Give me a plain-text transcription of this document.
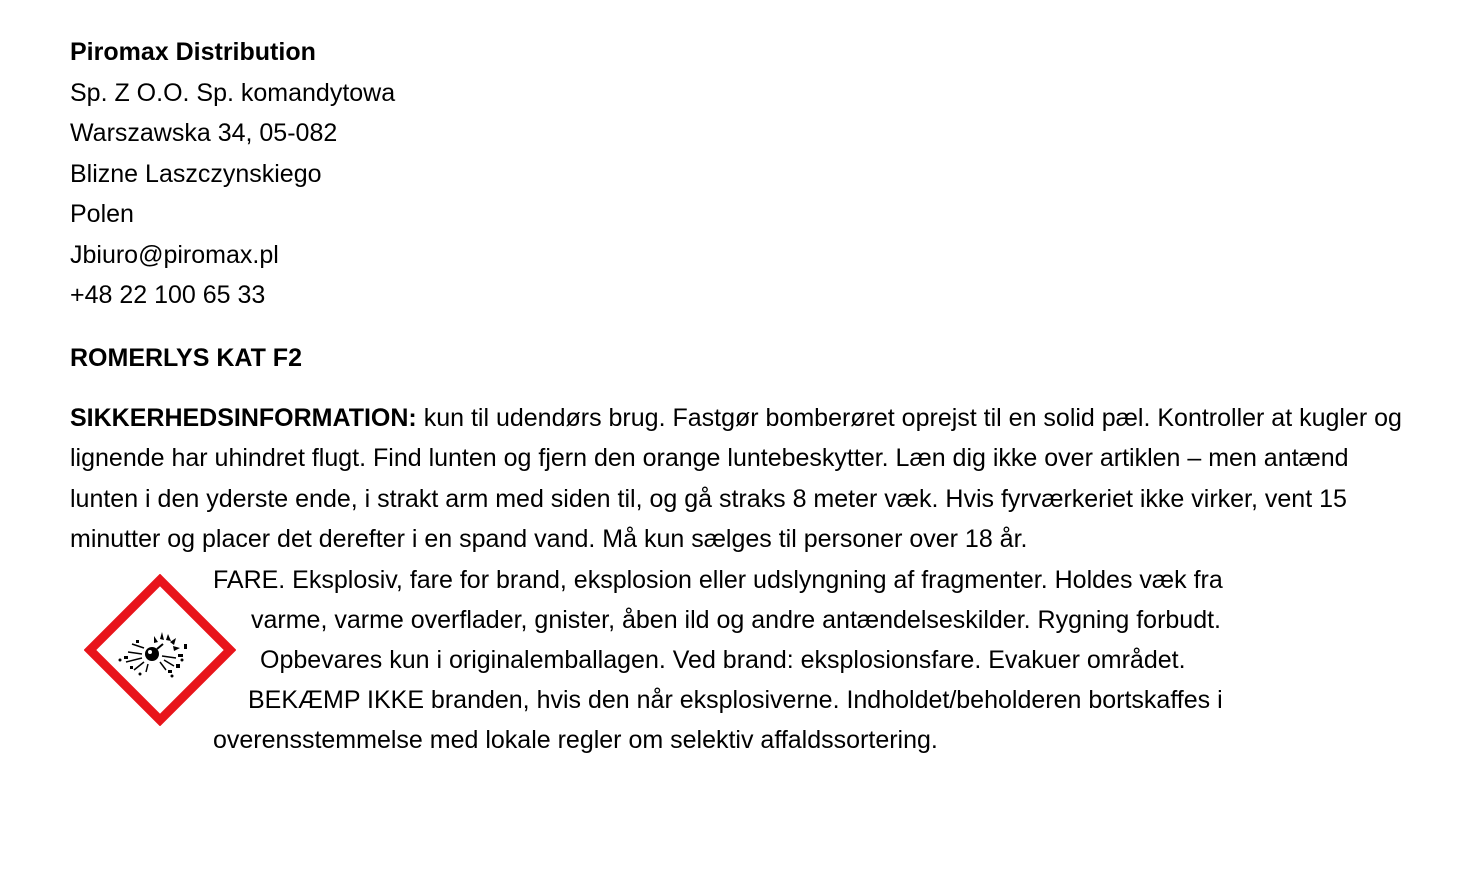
Piromax Distribution
Sp. Z O.O. Sp. komandytowa
Warszawska 34, 05-082
Blizne Laszczynskiego
Polen
Jbiuro@piromax.pl
+48 22 100 65 33
ROMERLYS KAT F2
SIKKERHEDSINFORMATION: kun til udendørs brug. Fastgør bomberøret oprejst til en solid pæl. Kontroller at kugler og lignende har uhindret flugt. Find lunten og fjern den orange luntebeskytter. Læn dig ikke over artiklen – men antænd lunten i den yderste ende, i strakt arm med siden til, og gå straks 8 meter væk. Hvis fyrværkeriet ikke virker, vent 15 minutter og placer det derefter i en spand vand. Må kun sælges til personer over 18 år.
FARE. Eksplosiv, fare for brand, eksplosion eller udslyngning af fragmenter. Holdes væk fra
varme, varme overflader, gnister, åben ild og andre antændelseskilder. Rygning forbudt.
Opbevares kun i originalemballagen. Ved brand: eksplosionsfare. Evakuer området.
BEKÆMP IKKE branden, hvis den når eksplosiverne. Indholdet/beholderen bortskaffes i
overensstemmelse med lokale regler om selektiv affaldssortering.
